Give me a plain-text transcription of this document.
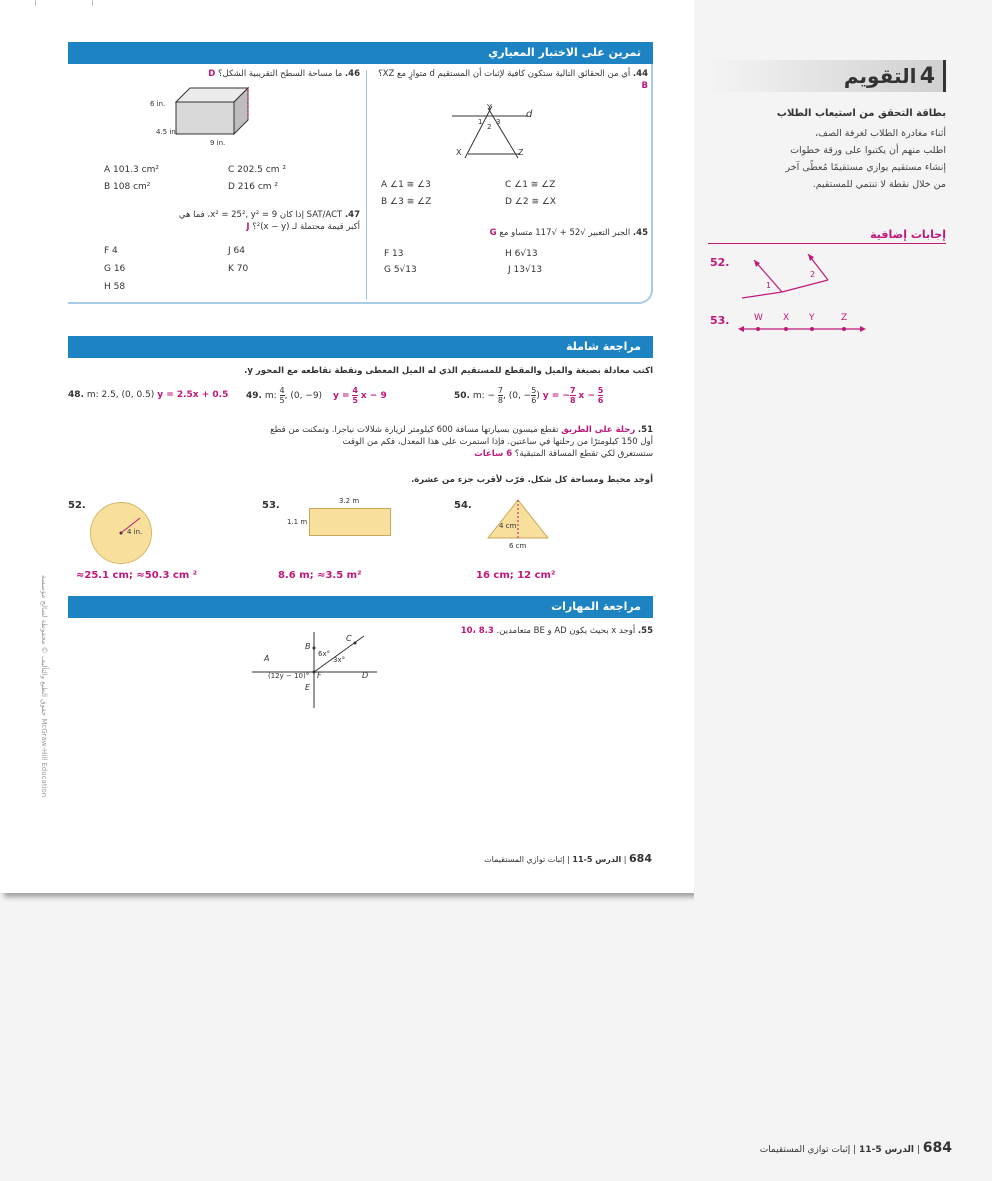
تمرين على الاختبار المعياري
44. أي من الحقائق التالية ستكون كافية لإثبات أن المستقيم d متوازٍ مع XZ؟ B
d
Y
X	Z
1
2
3
A ∠1 ≅ ∠3	C ∠1 ≅ ∠Z
B ∠3 ≅ ∠Z	D ∠2 ≅ ∠X
45. الجبر التعبير √52 + √117 متساو مع G
F 13	H 6√13
G 5√13	J 13√13
46. ما مساحة السطح التقريبية الشكل؟ D
6 in.
4.5 in.
9 in.
A 101.3 cm²	C 202.5 cm ²
B 108 cm²	D 216 cm ²
47. SAT/ACT إذا كان x² = 25², y² = 9، فما هي
أكبر قيمة محتملة لـ (x − y)²؟ J
F 4	J 64
G 16	K 70
H 58
مراجعة شاملة
اكتب معادلة بصيغة والميل والمقطع للمستقيم الذي له الميل المعطى ونقطة تقاطعه مع المحور y.
48. m: 2.5, (0, 0.5) y = 2.5x + 0.5 49. m: $\frac{4}{5}$ , (0, −9) $y = \frac{4}{5}$ x − 9	50. m: − $\frac{7}{8}$ , (0, − $\frac{5}{6}$ ) y = − $\frac{7}{8}$ $x - \frac{5}{6}$
51. رحلة على الطريق تقطع ميسون بسيارتها مسافة 600 كيلومتر لزيارة شلالات نياجرا. وتمكنت من قطع
أول 150 كيلومترًا من رحلتها في ساعتين. فإذا استمرت على هذا المعدل، فكم من الوقت
ستستغرق لكي تقطع المسافة المتبقية؟ 6 ساعات
أوجد محيط ومساحة كل شكل. قرّب لأقرب جزء من عشرة.
52.
4 in.
≈25.1 cm; ≈50.3 cm ²
53.	3.2 m
1.1 m
8.6 m; ≈3.5 m²
54.
4 cm
6 cm
16 cm; 12 cm²
مراجعة المهارات
55. أوجد x بحيث يكون AD و BE متعامدين. 8.3 ،10
A
B
C
D
E
F
6x°
3x°
(12y − 10)°
حقوق الطبع والتأليف © محفوظة لصالح مؤسسة McGraw-Hill Education
684 | الدرس 5-11 | إثبات توازي المستقيمات
4 التقويم
بطاقة التحقق من استيعاب الطلاب
أثناء مغادرة الطلاب لغرفة الصف،
اطلب منهم أن يكتبوا على ورقة خطوات
إنشاء مستقيم يوازي مستقيمًا مُعطًى آخر
من خلال نقطة لا تنتمي للمستقيم.
إجابات إضافية
52.
1
2
53.	W X Y	Z
684 | الدرس 5-11 | إثبات توازي المستقيمات
